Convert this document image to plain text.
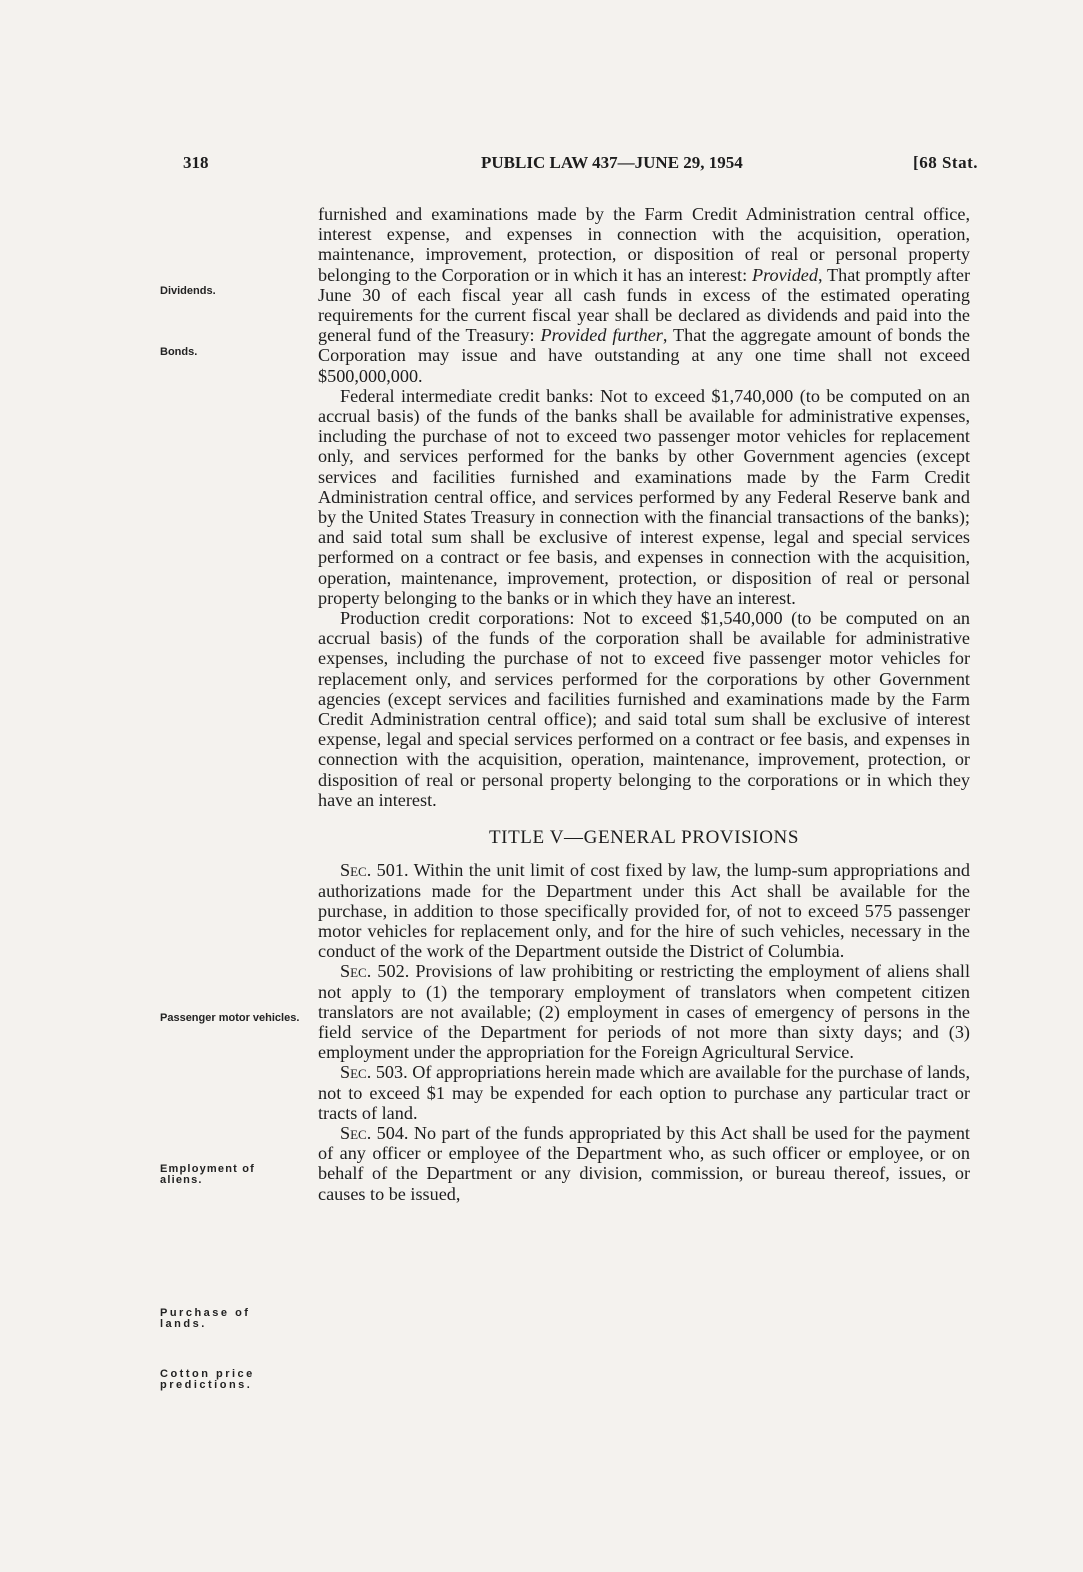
318	PUBLIC LAW 437—JUNE 29, 1954	[68 Stat.
Dividends.
Bonds.
Passenger motor vehicles.
Employment of aliens.
Purchase of lands.
Cotton price predictions.

furnished and examinations made by the Farm Credit Administration central office, interest expense, and expenses in connection with the acquisition, operation, maintenance, improvement, protection, or disposition of real or personal property belonging to the Corporation or in which it has an interest: Provided, That promptly after June 30 of each fiscal year all cash funds in excess of the estimated operating requirements for the current fiscal year shall be declared as dividends and paid into the general fund of the Treasury: Provided further, That the aggregate amount of bonds the Corporation may issue and have outstanding at any one time shall not exceed $500,000,000.

Federal intermediate credit banks: Not to exceed $1,740,000 (to be computed on an accrual basis) of the funds of the banks shall be available for administrative expenses, including the purchase of not to exceed two passenger motor vehicles for replacement only, and services performed for the banks by other Government agencies (except services and facilities furnished and examinations made by the Farm Credit Administration central office, and services performed by any Federal Reserve bank and by the United States Treasury in connection with the financial transactions of the banks); and said total sum shall be exclusive of interest expense, legal and special services performed on a contract or fee basis, and expenses in connection with the acquisition, operation, maintenance, improvement, protection, or disposition of real or personal property belonging to the banks or in which they have an interest.

Production credit corporations: Not to exceed $1,540,000 (to be computed on an accrual basis) of the funds of the corporation shall be available for administrative expenses, including the purchase of not to exceed five passenger motor vehicles for replacement only, and services performed for the corporations by other Government agencies (except services and facilities furnished and examinations made by the Farm Credit Administration central office); and said total sum shall be exclusive of interest expense, legal and special services performed on a contract or fee basis, and expenses in connection with the acquisition, operation, maintenance, improvement, protection, or disposition of real or personal property belonging to the corporations or in which they have an interest.

TITLE V—GENERAL PROVISIONS

Sec. 501. Within the unit limit of cost fixed by law, the lump-sum appropriations and authorizations made for the Department under this Act shall be available for the purchase, in addition to those specifically provided for, of not to exceed 575 passenger motor vehicles for replacement only, and for the hire of such vehicles, necessary in the conduct of the work of the Department outside the District of Columbia.

Sec. 502. Provisions of law prohibiting or restricting the employment of aliens shall not apply to (1) the temporary employment of translators when competent citizen translators are not available; (2) employment in cases of emergency of persons in the field service of the Department for periods of not more than sixty days; and (3) employment under the appropriation for the Foreign Agricultural Service.

Sec. 503. Of appropriations herein made which are available for the purchase of lands, not to exceed $1 may be expended for each option to purchase any particular tract or tracts of land.

Sec. 504. No part of the funds appropriated by this Act shall be used for the payment of any officer or employee of the Department who, as such officer or employee, or on behalf of the Department or any division, commission, or bureau thereof, issues, or causes to be issued,
